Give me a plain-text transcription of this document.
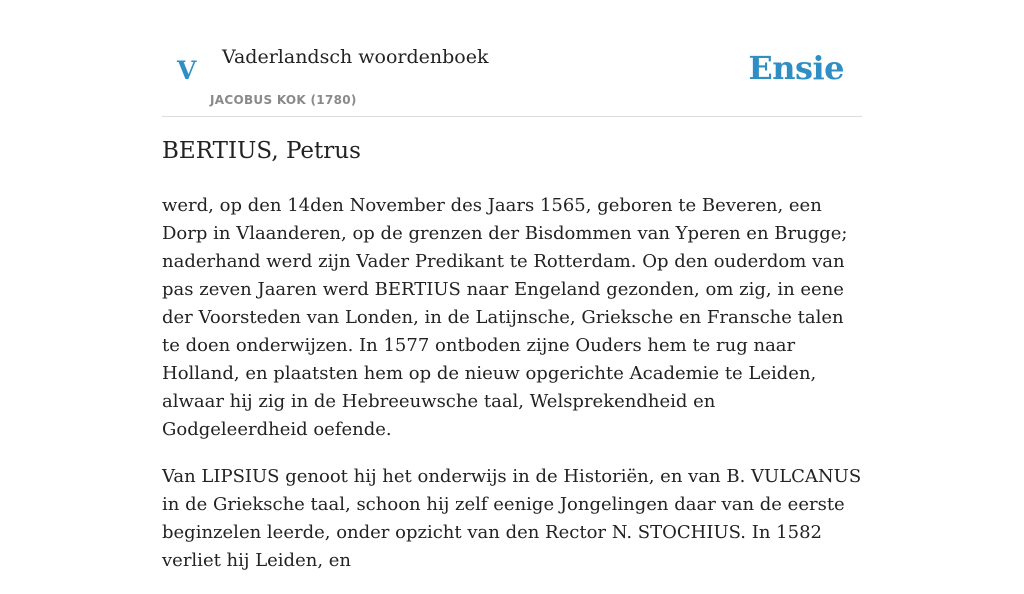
V Vaderlandsch woordenboek
JACOBUS KOK (1780)
Ensie
BERTIUS, Petrus

werd, op den 14den November des Jaars 1565, geboren te Beveren, een Dorp in Vlaanderen, op de grenzen der Bisdommen van Yperen en Brugge; naderhand werd zijn Vader Predikant te Rotterdam. Op den ouderdom van pas zeven Jaaren werd BERTIUS naar Engeland gezonden, om zig, in eene der Voorsteden van Londen, in de Latijnsche, Grieksche en Fransche talen te doen onderwijzen. In 1577 ontboden zijne Ouders hem te rug naar Holland, en plaatsten hem op de nieuw opgerichte Academie te Leiden, alwaar hij zig in de Hebreeuwsche taal, Welsprekendheid en Godgeleerdheid oefende.

Van LIPSIUS genoot hij het onderwijs in de Historiën, en van B. VULCANUS in de Grieksche taal, schoon hij zelf eenige Jongelingen daar van de eerste beginzelen leerde, onder opzicht van den Rector N. STOCHIUS. In 1582 verliet hij Leiden, en
